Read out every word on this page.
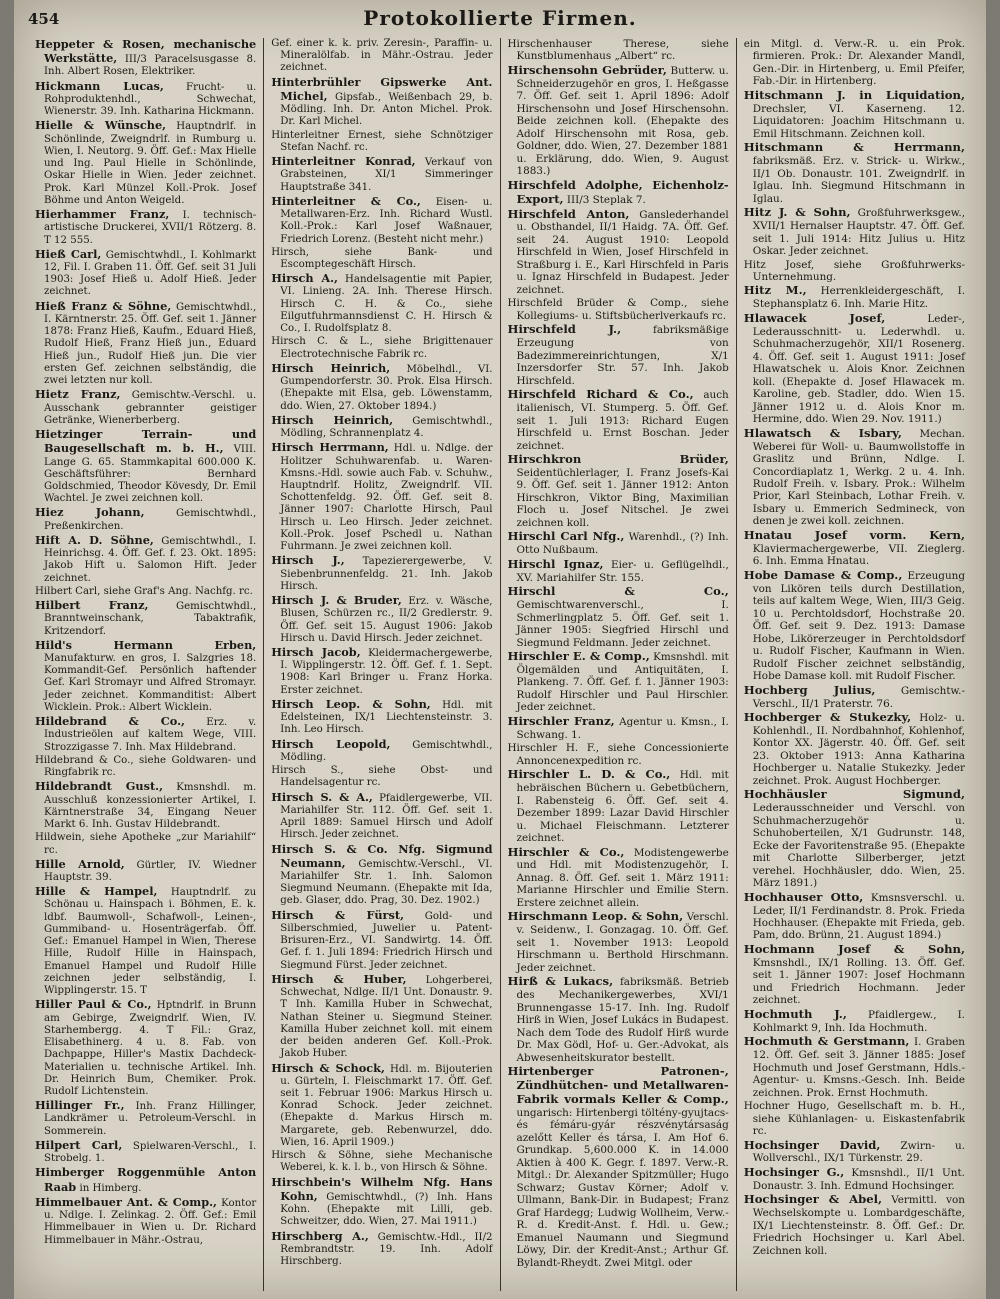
454	Protokollierte Firmen.

Heppeter & Rosen, mechanische Werkstätte, III/3 Paracelsusgasse 8. Inh. Albert Rosen, Elektriker.

Hickmann Lucas, Frucht- u. Rohproduktenhdl., Schwechat, Wienerstr. 39. Inh. Katharina Hickmann.

Hielle & Wünsche, Hauptndrlf. in Schönlinde, Zweigndrlf. in Rumburg u. Wien, I. Neutorg. 9. Öff. Gef.: Max Hielle und Ing. Paul Hielle in Schönlinde, Oskar Hielle in Wien. Jeder zeichnet. Prok. Karl Münzel Koll.-Prok. Josef Böhme und Anton Weigeld.

Hierhammer Franz, I. technisch-artistische Druckerei, XVII/1 Rötzerg. 8. T 12 555.

Hieß Carl, Gemischtwhdl., I. Kohlmarkt 12, Fil. I. Graben 11. Öff. Gef. seit 31 Juli 1903: Josef Hieß u. Adolf Hieß. Jeder zeichnet.

Hieß Franz & Söhne, Gemischtwhdl., I. Kärntnerstr. 25. Öff. Gef. seit 1. Jänner 1878: Franz Hieß, Kaufm., Eduard Hieß, Rudolf Hieß, Franz Hieß jun., Eduard Hieß jun., Rudolf Hieß jun. Die vier ersten Gef. zeichnen selbständig, die zwei letzten nur koll.

Hietz Franz, Gemischtw.-Verschl. u. Ausschank gebrannter geistiger Getränke, Wienerberberg.

Hietzinger Terrain- und Baugesellschaft m. b. H., VIII. Lange G. 65. Stammkapital 600.000 K. Geschäftsführer: Bernhard Goldschmied, Theodor Kövesdy, Dr. Emil Wachtel. Je zwei zeichnen koll.

Hiez Johann,	Gemischtwhdl., Preßenkirchen.

Hift A. D. Söhne, Gemischtwhdl., I. Heinrichsg. 4. Öff. Gef. f. 23. Okt. 1895: Jakob Hift u. Salomon Hift. Jeder zeichnet.

Hilbert Carl, siehe Graf's Ang. Nachfg. rc.

Hilbert Franz,	Gemischtwhdl., Branntweinschank, Tabaktrafik, Kritzendorf.

Hild's Hermann Erben, Manufakturw. en gros, I. Salzgries 18. Kommandit-Gef. Persönlich haftender Gef. Karl Stromayr und Alfred Stromayr. Jeder zeichnet. Kommanditist: Albert Wicklein. Prok.: Albert Wicklein.

Hildebrand & Co., Erz. v. Industrieölen auf kaltem Wege, VIII. Strozzigasse 7. Inh. Max Hildebrand.

Hildebrand & Co., siehe Goldwaren- und Ringfabrik rc.

Hildebrandt Gust., Kmsnshdl. m. Ausschluß konzessionierter Artikel, I. Kärntnerstraße 34, Eingang Neuer Markt 6. Inh. Gustav Hildebrandt.

Hildwein, siehe Apotheke „zur Mariahilf“ rc.

Hille Arnold, Gürtler, IV. Wiedner Hauptstr. 39.

Hille & Hampel, Hauptndrlf. zu Schönau u. Hainspach i. Böhmen, E. k. ldbf. Baumwoll-, Schafwoll-, Leinen-, Gummiband- u. Hosenträgerfab. Öff. Gef.: Emanuel Hampel in Wien, Therese Hille, Rudolf Hille in Hainspach, Emanuel Hampel und Rudolf Hille zeichnen jeder selbständig, I. Wipplingerstr. 15. T

Hiller Paul & Co., Hptndrlf. in Brunn am Gebirge, Zweigndrlf. Wien, IV. Starhembergg. 4. T Fil.: Graz, Elisabethinerg. 4 u. 8. Fab. von Dachpappe, Hiller's Mastix Dachdeck-Materialien u. technische Artikel. Inh. Dr. Heinrich Bum, Chemiker. Prok. Rudolf Lichtenstein.

Hillinger Fr., Inh. Franz Hillinger, Landkrämer u. Petroleum-Verschl. in Sommerein.

Hilpert Carl, Spielwaren-Verschl., I. Strobelg. 1.

Himberger Roggenmühle Anton Raab in Himberg.

Himmelbauer Ant. & Comp., Kontor u. Ndlge. I. Zelinkag. 2. Öff. Gef.: Emil Himmelbauer in Wien u. Dr. Richard Himmelbauer in Mähr.-Ostrau,

Gef. einer k. k. priv. Zeresin-, Paraffin- u. Mineralölfab. in Mähr.-Ostrau. Jeder zeichnet.

Hinterbrühler Gipswerke Ant. Michel, Gipsfab., Weißenbach 29, b. Mödling. Inh. Dr. Anton Michel. Prok. Dr. Karl Michel.

Hinterleitner Ernest, siehe Schnötziger Stefan Nachf. rc.

Hinterleitner Konrad, Verkauf von Grabsteinen, XI/1 Simmeringer Hauptstraße 341.

Hinterleitner & Co., Eisen- u. Metallwaren-Erz. Inh. Richard Wustl. Koll.-Prok.: Karl Josef Waßnauer, Friedrich Lorenz. (Besteht nicht mehr.)

Hirsch, siehe Bank- und Escomptegeschäft Hirsch.

Hirsch A., Handelsagentie mit Papier, VI. Linieng. 2A. Inh. Therese Hirsch. Hirsch C. H. & Co., siehe Eilgutfuhrmannsdienst C. H. Hirsch & Co., I. Rudolfsplatz 8.

Hirsch C. & L., siehe Brigittenauer Electrotechnische Fabrik rc.

Hirsch Heinrich, Möbelhdl., VI. Gumpendorferstr. 30. Prok. Elsa Hirsch. (Ehepakte mit Elsa, geb. Löwenstamm, ddo. Wien, 27. Oktober 1894.)

Hirsch Heinrich, Gemischtwhdl., Mödling, Schrannenplatz 4.

Hirsch Herrmann, Hdl. u. Ndlge. der Holitzer Schuhwarenfab. u. Waren-Kmsns.-Hdl. sowie auch Fab. v. Schuhw., Hauptndrlf. Holitz, Zweigndrlf. VII. Schottenfeldg. 92. Öff. Gef. seit 8. Jänner 1907: Charlotte Hirsch, Paul Hirsch u. Leo Hirsch. Jeder zeichnet. Koll.-Prok. Josef Pschedl u. Nathan Fuhrmann. Je zwei zeichnen koll.

Hirsch J., Tapezierergewerbe, V. Siebenbrunnenfeldg. 21. Inh. Jakob Hirsch.

Hirsch J. & Bruder, Erz. v. Wäsche, Blusen, Schürzen rc., II/2 Gredlerstr. 9. Öff. Gef. seit 15. August 1906: Jakob Hirsch u. David Hirsch. Jeder zeichnet.

Hirsch Jacob, Kleidermachergewerbe, I. Wipplingerstr. 12. Öff. Gef. f. 1. Sept. 1908: Karl Bringer u. Franz Horka. Erster zeichnet.

Hirsch Leop. & Sohn, Hdl. mit Edelsteinen, IX/1 Liechtensteinstr. 3. Inh. Leo Hirsch.

Hirsch Leopold, Gemischtwhdl., Mödling.

Hirsch S., siehe Obst- und Handelsagentur rc.

Hirsch S. & A., Pfaidlergewerbe, VII. Mariahilfer Str. 112. Öff. Gef. seit 1. April 1889: Samuel Hirsch und Adolf Hirsch. Jeder zeichnet.

Hirsch S. & Co. Nfg. Sigmund Neumann, Gemischtw.-Verschl., VI. Mariahilfer Str. 1. Inh. Salomon Siegmund Neumann. (Ehepakte mit Ida, geb. Glaser, ddo. Prag, 30. Dez. 1902.)

Hirsch & Fürst, Gold- und Silberschmied, Juwelier u. Patent-Brisuren-Erz., VI. Sandwirtg. 14. Öff. Gef. f. 1. Juli 1894: Friedrich Hirsch und Siegmund Fürst. Jeder zeichnet.

Hirsch & Huber, Lohgerberei, Schwechat, Ndlge. II/1 Unt. Donaustr. 9. T Inh. Kamilla Huber in Schwechat, Nathan Steiner u. Siegmund Steiner. Kamilla Huber zeichnet koll. mit einem der beiden anderen Gef. Koll.-Prok. Jakob Huber.

Hirsch & Schock, Hdl. m. Bijouterien u. Gürteln, I. Fleischmarkt 17. Öff. Gef. seit 1. Februar 1906: Markus Hirsch u. Konrad Schock. Jeder zeichnet. (Ehepakte d. Markus Hirsch m. Margarete, geb. Rebenwurzel, ddo. Wien, 16. April 1909.)

Hirsch & Söhne, siehe Mechanische Weberei, k. k. l. b., von Hirsch & Söhne.

Hirschbein's Wilhelm Nfg. Hans Kohn, Gemischtwhdl., (?) Inh. Hans Kohn. (Ehepakte mit Lilli, geb. Schweitzer, ddo. Wien, 27. Mai 1911.)

Hirschberg A., Gemischtw.-Hdl., II/2 Rembrandtstr. 19. Inh. Adolf Hirschberg.

Hirschenhauser Therese, siehe Kunstblumenhaus „Albert“ rc.

Hirschensohn Gebrüder, Butterw. u. Schneiderzugehör en gros, I. Heßgasse 7. Öff. Gef. seit 1. April 1896: Adolf Hirschensohn und Josef Hirschensohn. Beide zeichnen koll. (Ehepakte des Adolf Hirschensohn mit Rosa, geb. Goldner, ddo. Wien, 27. Dezember 1881 u. Erklärung, ddo. Wien, 9. August 1883.)

Hirschfeld Adolphe, Eichenholz-Export, III/3 Steplak 7.

Hirschfeld Anton, Ganslederhandel u. Obsthandel, II/1 Haidg. 7A. Öff. Gef. seit 24. August 1910: Leopold Hirschfeld in Wien, Josef Hirschfeld in Straßburg i. E., Karl Hirschfeld in Paris u. Ignaz Hirschfeld in Budapest. Jeder zeichnet.

Hirschfeld Brüder & Comp., siehe Kollegiums- u. Stiftsbücherlverkaufs rc.

Hirschfeld J.,	fabriksmäßige Erzeugung von Badezimmereinrichtungen, X/1 Inzersdorfer Str. 57. Inh. Jakob Hirschfeld.

Hirschfeld Richard & Co., auch italienisch, VI. Stumperg. 5. Öff. Gef. seit 1. Juli 1913: Richard Eugen Hirschfeld u. Ernst Boschan. Jeder zeichnet.

Hirschkron Brüder, Seidentüchlerlager, I. Franz Josefs-Kai 9. Öff. Gef. seit 1. Jänner 1912: Anton Hirschkron, Viktor Bing, Maximilian Floch u. Josef Nitschel. Je zwei zeichnen koll.

Hirschl Carl Nfg., Warenhdl., (?) Inh. Otto Nußbaum.

Hirschl Ignaz, Eier- u. Geflügelhdl., XV. Mariahilfer Str. 155.

Hirschl & Co., Gemischtwarenverschl., I. Schmerlingplatz 5. Öff. Gef. seit 1. Jänner 1905: Siegfried Hirschl und Siegmund Feldmann. Jeder zeichnet.

Hirschler E. & Comp., Kmsnshdl. mit Ölgemälden und Antiquitäten, I. Plankeng. 7. Öff. Gef. f. 1. Jänner 1903: Rudolf Hirschler und Paul Hirschler. Jeder zeichnet.

Hirschler Franz, Agentur u. Kmsn., I. Schwang. 1.

Hirschler H. F., siehe Concessionierte Annoncenexpedition rc.

Hirschler L. D. & Co., Hdl. mit hebräischen Büchern u. Gebetbüchern, I. Rabensteig 6. Öff. Gef. seit 4. Dezember 1899: Lazar David Hirschler u. Michael Fleischmann. Letzterer zeichnet.

Hirschler & Co., Modistengewerbe und Hdl. mit Modistenzugehör, I. Annag. 8. Öff. Gef. seit 1. März 1911: Marianne Hirschler und Emilie Stern. Erstere zeichnet allein.

Hirschmann Leop. & Sohn, Verschl. v. Seidenw., I. Gonzagag. 10. Öff. Gef. seit 1. November 1913: Leopold Hirschmann u. Berthold Hirschmann. Jeder zeichnet.

Hirß & Lukacs, fabriksmäß. Betrieb des Mechanikergewerbes, XVI/1 Brunnengasse 15-17. Inh. Ing. Rudolf Hirß in Wien, Josef Lukács in Budapest. Nach dem Tode des Rudolf Hirß wurde Dr. Max Gödl, Hof- u. Ger.-Advokat, als Abwesenheitskurator bestellt.

Hirtenberger Patronen-, Zündhütchen- und Metallwaren-Fabrik vormals Keller & Comp., ungarisch: Hirtenbergi töltény-gyujtacs- és fémáru-gyár részvénytársaság azelőtt Keller és társa, I. Am Hof 6. Grundkap. 5,600.000 K. in 14.000 Aktien à 400 K. Gegr. f. 1897. Verw.-R. Mitgl.: Dr. Alexander Spitzmüller; Hugo Schwarz; Gustav Körner; Adolf v. Ullmann, Bank-Dir. in Budapest; Franz Graf Hardegg; Ludwig Wollheim, Verw.-R. d. Kredit-Anst. f. Hdl. u. Gew.; Emanuel Naumann und Siegmund Löwy, Dir. der Kredit-Anst.; Arthur Gf. Bylandt-Rheydt. Zwei Mitgl. oder

ein Mitgl. d. Verw.-R. u. ein Prok. firmieren. Prok.: Dr. Alexander Mandl, Gen.-Dir. in Hirtenberg, u. Emil Pfeifer, Fab.-Dir. in Hirtenberg.

Hitschmann J. in Liquidation, Drechsler, VI. Kaserneng. 12. Liquidatoren: Joachim Hitschmann u. Emil Hitschmann. Zeichnen koll.

Hitschmann & Herrmann, fabriksmäß. Erz. v. Strick- u. Wirkw., II/1 Ob. Donaustr. 101. Zweigndrlf. in Iglau. Inh. Siegmund Hitschmann in Iglau.

Hitz J. & Sohn, Großfuhrwerksgew., XVII/1 Hernalser Hauptstr. 47. Öff. Gef. seit 1. Juli 1914: Hitz Julius u. Hitz Oskar. Jeder zeichnet.

Hitz Josef, siehe Großfuhrwerks-Unternehmung.

Hitz M., Herrenkleidergeschäft, I. Stephansplatz 6. Inh. Marie Hitz.

Hlawacek Josef,	Leder-, Lederausschnitt- u. Lederwhdl. u. Schuhmacherzugehör, XII/1 Rosenerg. 4. Öff. Gef. seit 1. August 1911: Josef Hlawatschek u. Alois Knor. Zeichnen koll. (Ehepakte d. Josef Hlawacek m. Karoline, geb. Stadler, ddo. Wien 15. Jänner 1912 u. d. Alois Knor m. Hermine, ddo. Wien 29. Nov. 1911.)

Hlawatsch & Isbary, Mechan. Weberei für Woll- u. Baumwollstoffe in Graslitz und Brünn, Ndlge. I. Concordiaplatz 1, Werkg. 2 u. 4. Inh. Rudolf Freih. v. Isbary. Prok.: Wilhelm Prior, Karl Steinbach, Lothar Freih. v. Isbary u. Emmerich Sedmineck, von denen je zwei koll. zeichnen.

Hnatau Josef vorm. Kern, Klaviermachergewerbe, VII. Zieglerg. 6. Inh. Emma Hnatau.

Hobe Damase & Comp., Erzeugung von Likören teils durch Destillation, teils auf kaltem Wege, Wien, III/3 Geig. 10 u. Perchtoldsdorf, Hochstraße 20. Öff. Gef. seit 9. Dez. 1913: Damase Hobe, Likörerzeuger in Perchtoldsdorf u. Rudolf Fischer, Kaufmann in Wien. Rudolf Fischer zeichnet selbständig, Hobe Damase koll. mit Rudolf Fischer.

Hochberg Julius, Gemischtw.-Verschl., II/1 Praterstr. 76.

Hochberger & Stukezky, Holz- u. Kohlenhdl., II. Nordbahnhof, Kohlenhof, Kontor XX. Jägerstr. 40. Öff. Gef. seit 23. Oktober 1913: Anna Katharina Hochberger u. Natalie Stukezky. Jeder zeichnet. Prok. August Hochberger.

Hochhäusler Sigmund, Lederausschneider und Verschl. von Schuhmacherzugehör u. Schuhoberteilen, X/1 Gudrunstr. 148, Ecke der Favoritenstraße 95. (Ehepakte mit Charlotte Silberberger, jetzt verehel. Hochhäusler, ddo. Wien, 25. März 1891.)

Hochhauser Otto, Kmsnsverschl. u. Leder, II/1 Ferdinandstr. 8. Prok. Frieda Hochhauser. (Ehepakte mit Frieda, geb. Pam, ddo. Brünn, 21. August 1894.)

Hochmann Josef & Sohn, Kmsnshdl., IX/1 Rolling. 13. Öff. Gef. seit 1. Jänner 1907: Josef Hochmann und Friedrich Hochmann. Jeder zeichnet.

Hochmuth J., Pfaidlergew., I. Kohlmarkt 9, Inh. Ida Hochmuth.

Hochmuth & Gerstmann, I. Graben 12. Öff. Gef. seit 3. Jänner 1885: Josef Hochmuth und Josef Gerstmann, Hdls.-Agentur- u. Kmsns.-Gesch. Inh. Beide zeichnen. Prok. Ernst Hochmuth.

Hochner Hugo, Gesellschaft m. b. H., siehe Kühlanlagen- u. Eiskastenfabrik rc.

Hochsinger David, Zwirn- u. Wollverschl., IX/1 Türkenstr. 29.

Hochsinger G., Kmsnshdl., II/1 Unt. Donaustr. 3. Inh. Edmund Hochsinger.

Hochsinger & Abel, Vermittl. von Wechselskompte u. Lombardgeschäfte, IX/1 Liechtensteinstr. 8. Öff. Gef.: Dr. Friedrich Hochsinger u. Karl Abel. Zeichnen koll.
